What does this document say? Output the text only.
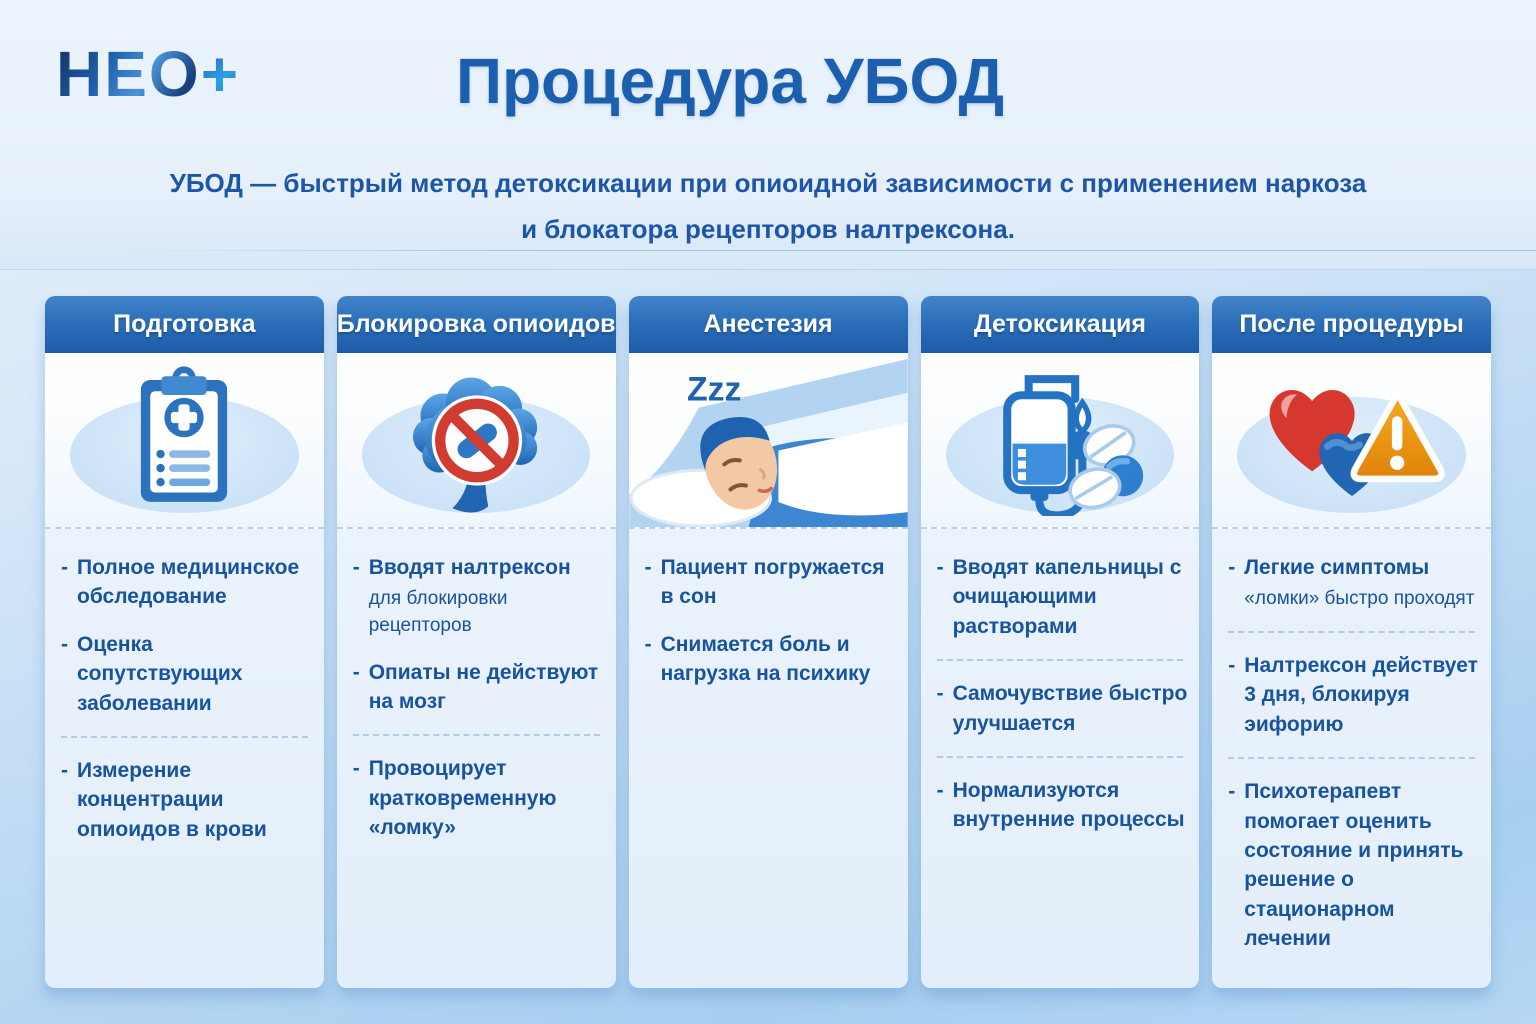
НЕО+	Процедура УБОД
УБОД — быстрый метод детоксикации при опиоидной зависимости с применением наркоза
и блокатора рецепторов налтрексона.
Подготовка
- Полное медицинское обследование
- Оценка сопутствующих заболевании
- Измерение концентрации опиоидов в крови
Блокировка опиоидов
- Вводят налтрексон
для блокировки рецепторов
- Опиаты не действуют на мозг
- Провоцирует кратковременную «ломку»
Анестезия
Zzz
- Пациент погружается в сон
- Снимается боль и нагрузка на психику
Детоксикация
- Вводят капельницы с очищающими растворами
- Самочувствие быстро улучшается
- Нормализуются внутренние процессы
После процедуры
- Легкие симптомы
«ломки» быстро проходят
- Налтрексон действует 3 дня, блокируя эифорию
- Психотерапевт помогает оценить состояние и принять решение о стационарном лечении
